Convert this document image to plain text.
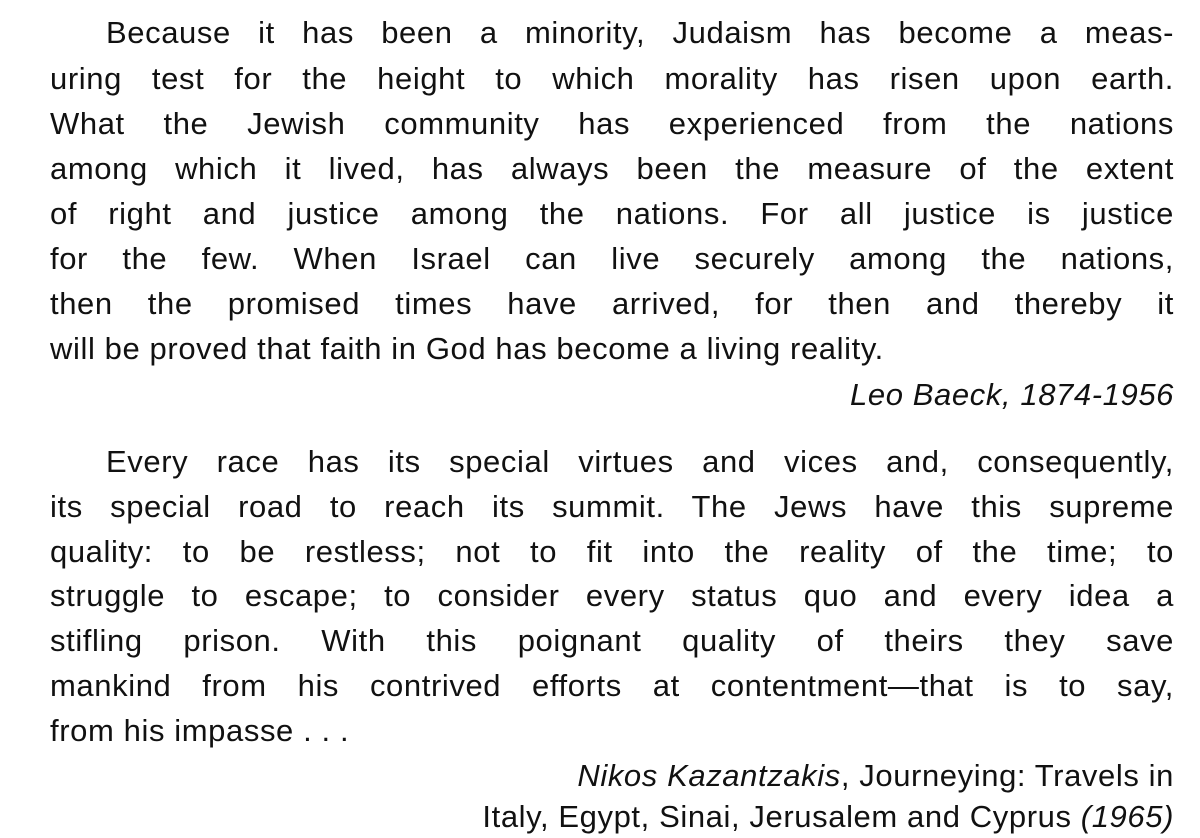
Because it has been a minority, Judaism has become a meas-
uring test for the height to which morality has risen upon earth.
What the Jewish community has experienced from the nations
among which it lived, has always been the measure of the extent
of right and justice among the nations. For all justice is justice
for the few. When Israel can live securely among the nations,
then the promised times have arrived, for then and thereby it
will be proved that faith in God has become a living reality.
Leo Baeck, 1874-1956
Every race has its special virtues and vices and, consequently,
its special road to reach its summit. The Jews have this supreme
quality: to be restless; not to fit into the reality of the time; to
struggle to escape; to consider every status quo and every idea a
stifling prison. With this poignant quality of theirs they save
mankind from his contrived efforts at contentment—that is to say,
from his impasse . . .
Nikos Kazantzakis, Journeying: Travels in
Italy, Egypt, Sinai, Jerusalem and Cyprus (1965)
